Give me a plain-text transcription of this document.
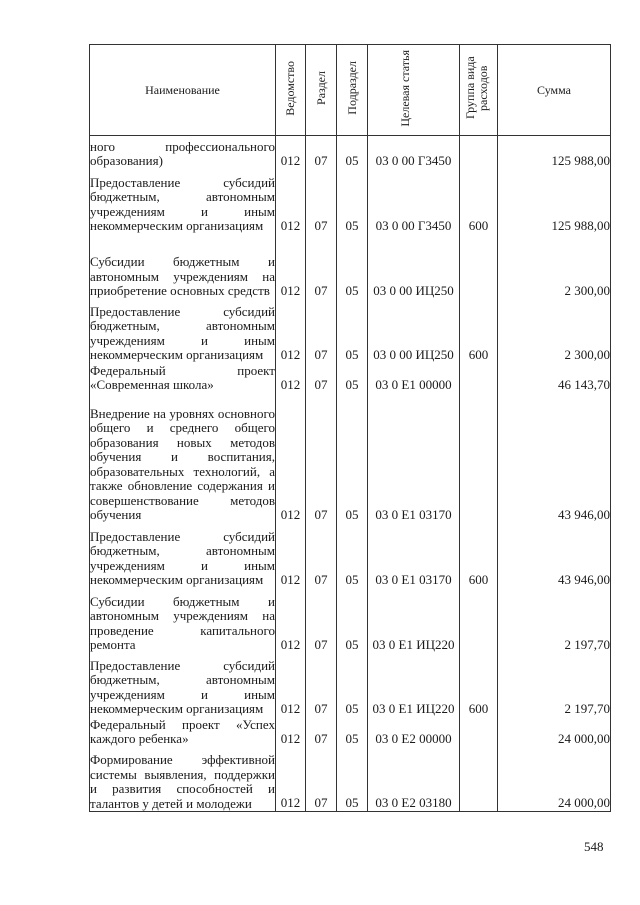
Наименование	Ведомство	Раздел	Подраздел	Целевая статья	Группа вида расходов	Сумма
ного профессионального образования)	012	07	05	03 0 00 Г3450		125 988,00
Предоставление субсидий бюджетным, автономным учреждениям и иным некоммерческим организациям	012	07	05	03 0 00 Г3450	600	125 988,00
Субсидии бюджетным и автономным учреждениям на приобретение основных средств	012	07	05	03 0 00 ИЦ250		2 300,00
Предоставление субсидий бюджетным, автономным учреждениям и иным некоммерческим организациям	012	07	05	03 0 00 ИЦ250	600	2 300,00
Федеральный проект «Современная школа»	012	07	05	03 0 Е1 00000		46 143,70
Внедрение на уровнях основного общего и среднего общего образования новых методов обучения и воспитания, образовательных технологий, а также обновление содержания и совершенствование методов обучения	012	07	05	03 0 Е1 03170		43 946,00
Предоставление субсидий бюджетным, автономным учреждениям и иным некоммерческим организациям	012	07	05	03 0 Е1 03170	600	43 946,00
Субсидии бюджетным и автономным учреждениям на проведение капитального ремонта	012	07	05	03 0 Е1 ИЦ220		2 197,70
Предоставление субсидий бюджетным, автономным учреждениям и иным некоммерческим организациям	012	07	05	03 0 Е1 ИЦ220	600	2 197,70
Федеральный проект «Успех каждого ребенка»	012	07	05	03 0 Е2 00000		24 000,00
Формирование эффективной системы выявления, поддержки и развития способностей и талантов у детей и молодежи	012	07	05	03 0 Е2 03180		24 000,00
548
